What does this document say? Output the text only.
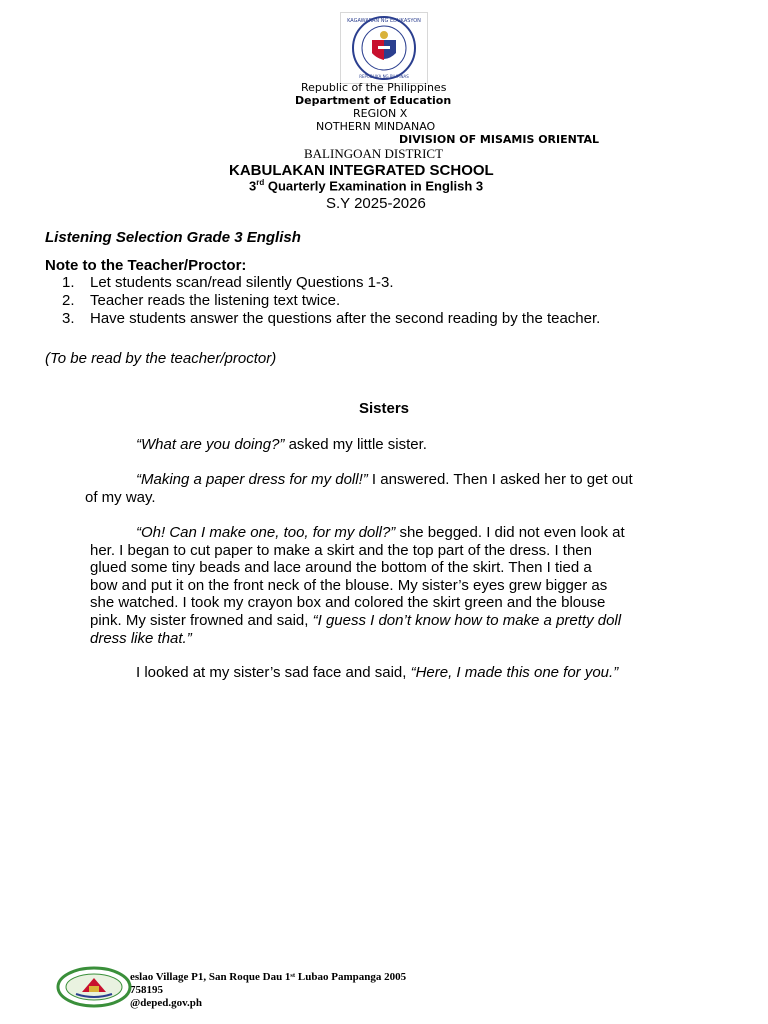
KAGAWARAN NG EDUKASYON
REPUBLIKA NG PILIPINAS
Republic of the Philippines
Department of Education
REGION X
NOTHERN MINDANAO
DIVISION OF MISAMIS ORIENTAL
BALINGOAN DISTRICT
KABULAKAN INTEGRATED SCHOOL
3rd Quarterly Examination in English 3
S.Y 2025-2026
Listening Selection Grade 3 English
Note to the Teacher/Proctor:
1. Let students scan/read silently Questions 1-3.
2. Teacher reads the listening text twice.
3. Have students answer the questions after the second reading by the teacher.
(To be read by the teacher/proctor)
Sisters
“What are you doing?” asked my little sister.
“Making a paper dress for my doll!” I answered. Then I asked her to get out
of my way.
“Oh! Can I make one, too, for my doll?” she begged. I did not even look at
her. I began to cut paper to make a skirt and the top part of the dress. I then
glued some tiny beads and lace around the bottom of the skirt. Then I tied a
bow and put it on the front neck of the blouse. My sister’s eyes grew bigger as
she watched. I took my crayon box and colored the skirt green and the blouse
pink. My sister frowned and said, “I guess I don’t know how to make a pretty doll
dress like that.”
I looked at my sister’s sad face and said, “Here, I made this one for you.”
eslao Village P1, San Roque Dau 1ˢᵗ Lubao Pampanga 2005
758195
@deped.gov.ph
